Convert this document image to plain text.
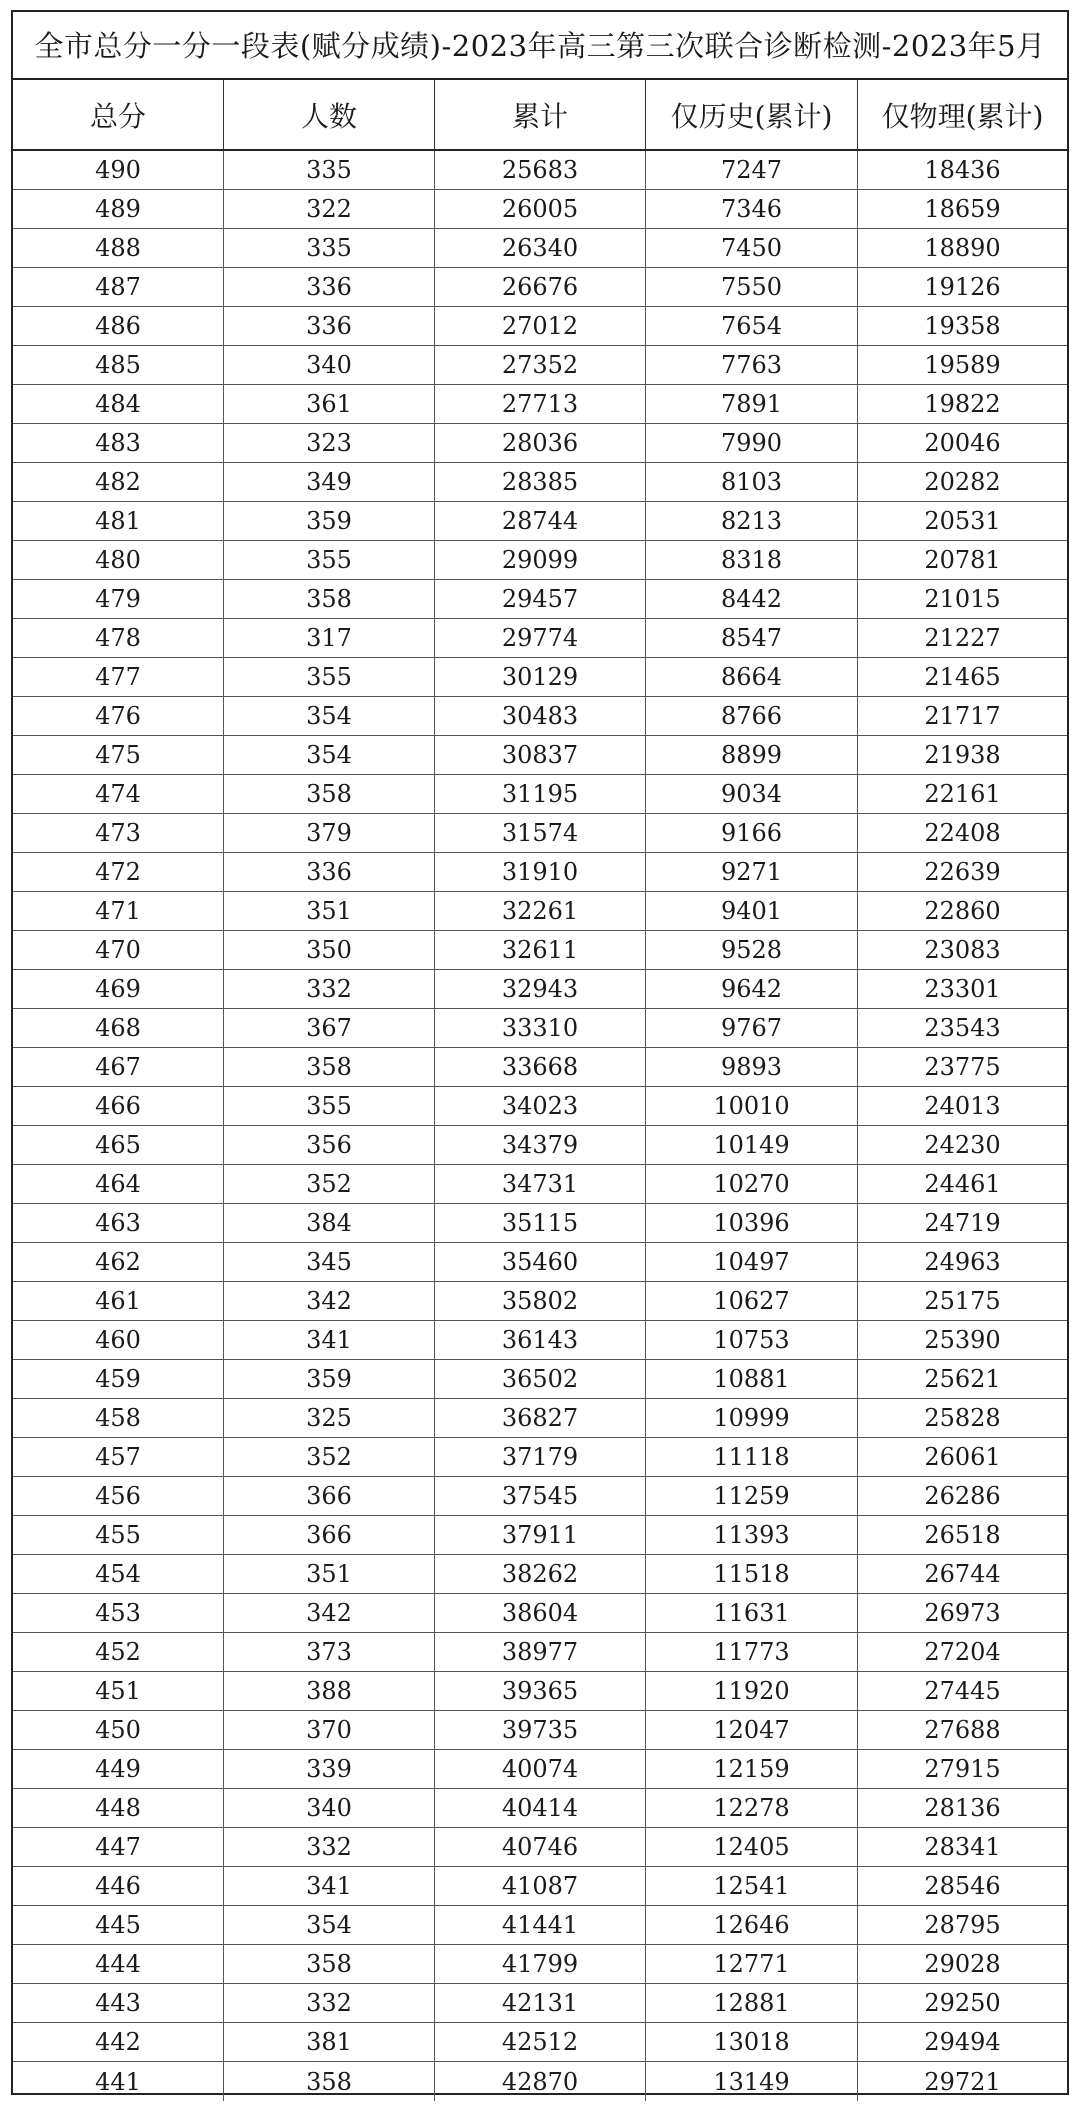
全市总分一分一段表(赋分成绩)-2023年高三第三次联合诊断检测-2023年5月
总分	人数	累计	仅历史(累计)	仅物理(累计)
490	335	25683	7247	18436
489	322	26005	7346	18659
488	335	26340	7450	18890
487	336	26676	7550	19126
486	336	27012	7654	19358
485	340	27352	7763	19589
484	361	27713	7891	19822
483	323	28036	7990	20046
482	349	28385	8103	20282
481	359	28744	8213	20531
480	355	29099	8318	20781
479	358	29457	8442	21015
478	317	29774	8547	21227
477	355	30129	8664	21465
476	354	30483	8766	21717
475	354	30837	8899	21938
474	358	31195	9034	22161
473	379	31574	9166	22408
472	336	31910	9271	22639
471	351	32261	9401	22860
470	350	32611	9528	23083
469	332	32943	9642	23301
468	367	33310	9767	23543
467	358	33668	9893	23775
466	355	34023	10010	24013
465	356	34379	10149	24230
464	352	34731	10270	24461
463	384	35115	10396	24719
462	345	35460	10497	24963
461	342	35802	10627	25175
460	341	36143	10753	25390
459	359	36502	10881	25621
458	325	36827	10999	25828
457	352	37179	11118	26061
456	366	37545	11259	26286
455	366	37911	11393	26518
454	351	38262	11518	26744
453	342	38604	11631	26973
452	373	38977	11773	27204
451	388	39365	11920	27445
450	370	39735	12047	27688
449	339	40074	12159	27915
448	340	40414	12278	28136
447	332	40746	12405	28341
446	341	41087	12541	28546
445	354	41441	12646	28795
444	358	41799	12771	29028
443	332	42131	12881	29250
442	381	42512	13018	29494
441	358	42870	13149	29721
